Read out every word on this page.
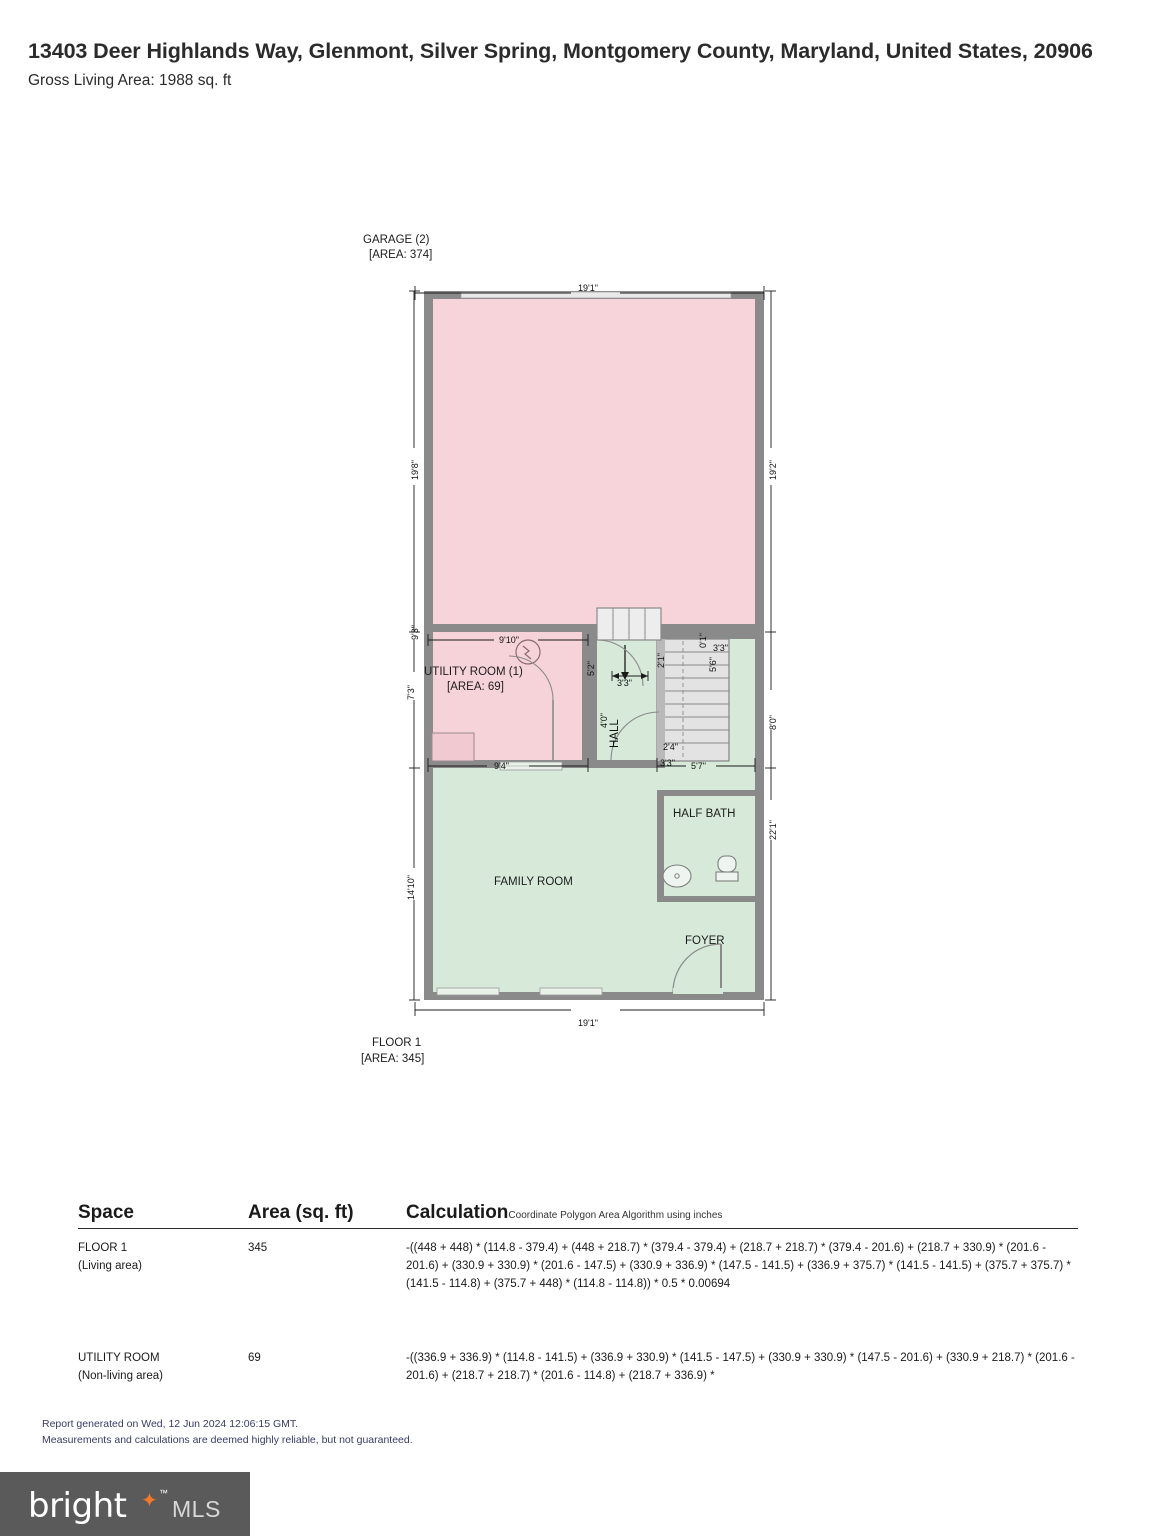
13403 Deer Highlands Way, Glenmont, Silver Spring, Montgomery County, Maryland, United States, 20906
Gross Living Area: 1988 sq. ft
GARAGE (2)
[AREA: 374]
FLOOR 1
[AREA: 345]
UTILITY ROOM (1)
[AREA: 69]
FAMILY ROOM
HALF BATH
FOYER
HALL
19'1"
19'8"	19'2"
9'10"
9'3"
7'3"
3'3"
9'4"
2'1"
0'1" 3'3"
5'6"
2'4"
3'3" 5'7"
8'0"
22'1"
14'10"
19'1"
4'0"
5'2"
Space	Area (sq. ft)	CalculationCoordinate Polygon Area Algorithm using inches
FLOOR 1
(Living area)
345	-((448 + 448) * (114.8 - 379.4) + (448 + 218.7) * (379.4 - 379.4) + (218.7 + 218.7) * (379.4 - 201.6) + (218.7 + 330.9) * (201.6 - 201.6) + (330.9 + 330.9) * (201.6 - 147.5) + (330.9 + 336.9) * (147.5 - 141.5) + (336.9 + 375.7) * (141.5 - 141.5) + (375.7 + 375.7) * (141.5 - 114.8) + (375.7 + 448) * (114.8 - 114.8)) * 0.5 * 0.00694
UTILITY ROOM
(Non-living area)
69	-((336.9 + 336.9) * (114.8 - 141.5) + (336.9 + 330.9) * (141.5 - 147.5) + (330.9 + 330.9) * (147.5 - 201.6) + (330.9 + 218.7) * (201.6 - 201.6) + (218.7 + 218.7) * (201.6 - 114.8) + (218.7 + 336.9) *
Report generated on Wed, 12 Jun 2024 12:06:15 GMT.
Measurements and calculations are deemed highly reliable, but not guaranteed.
bright ✦ ™
MLS
